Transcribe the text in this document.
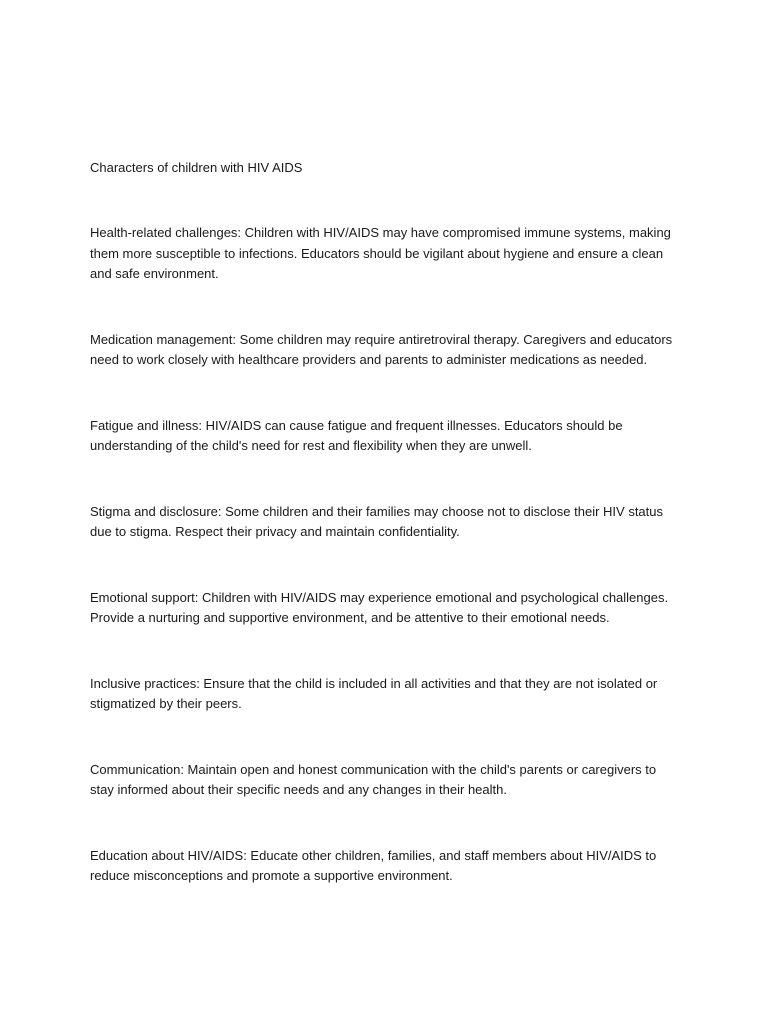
Characters of children with HIV AIDS

Health-related challenges: Children with HIV/AIDS may have compromised immune systems, making them more susceptible to infections. Educators should be vigilant about hygiene and ensure a clean and safe environment.

Medication management: Some children may require antiretroviral therapy. Caregivers and educators need to work closely with healthcare providers and parents to administer medications as needed.

Fatigue and illness: HIV/AIDS can cause fatigue and frequent illnesses. Educators should be understanding of the child's need for rest and flexibility when they are unwell.

Stigma and disclosure: Some children and their families may choose not to disclose their HIV status due to stigma. Respect their privacy and maintain confidentiality.

Emotional support: Children with HIV/AIDS may experience emotional and psychological challenges. Provide a nurturing and supportive environment, and be attentive to their emotional needs.

Inclusive practices: Ensure that the child is included in all activities and that they are not isolated or stigmatized by their peers.

Communication: Maintain open and honest communication with the child's parents or caregivers to stay informed about their specific needs and any changes in their health.

Education about HIV/AIDS: Educate other children, families, and staff members about HIV/AIDS to reduce misconceptions and promote a supportive environment.
